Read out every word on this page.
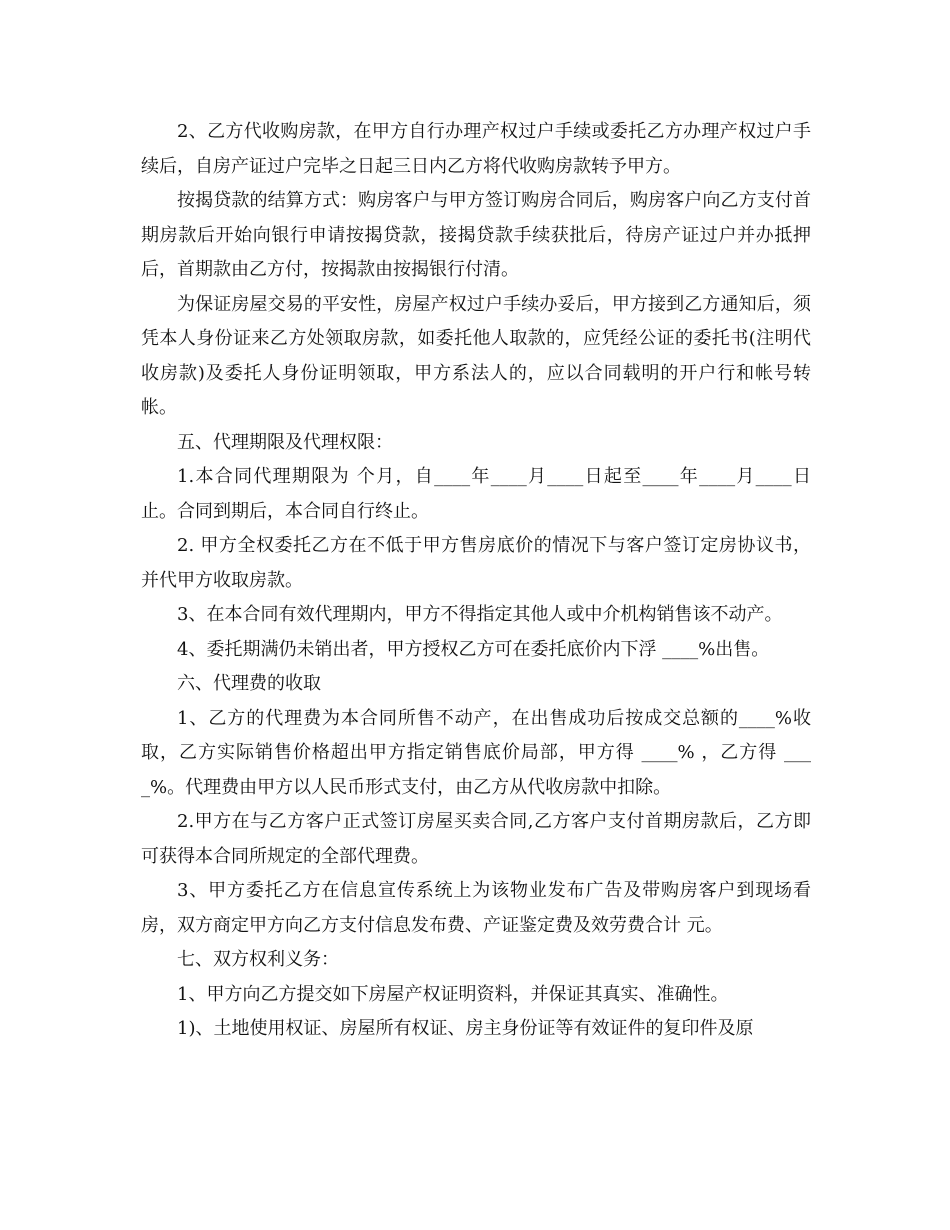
2、乙方代收购房款，在甲方自行办理产权过户手续或委托乙方办理产权过户手续后，自房产证过户完毕之日起三日内乙方将代收购房款转予甲方。

按揭贷款的结算方式：购房客户与甲方签订购房合同后，购房客户向乙方支付首期房款后开始向银行申请按揭贷款，接揭贷款手续获批后，待房产证过户并办抵押后，首期款由乙方付，按揭款由按揭银行付清。

为保证房屋交易的平安性，房屋产权过户手续办妥后，甲方接到乙方通知后，须凭本人身份证来乙方处领取房款，如委托他人取款的，应凭经公证的委托书(注明代收房款)及委托人身份证明领取，甲方系法人的，应以合同载明的开户行和帐号转帐。

五、代理期限及代理权限：

1.本合同代理期限为 个月，自____年____月____日起至____年____月____日止。合同到期后，本合同自行终止。

2. 甲方全权委托乙方在不低于甲方售房底价的情况下与客户签订定房协议书，并代甲方收取房款。

3、在本合同有效代理期内，甲方不得指定其他人或中介机构销售该不动产。

4、委托期满仍未销出者，甲方授权乙方可在委托底价内下浮 ____%出售。

六、代理费的收取

1、乙方的代理费为本合同所售不动产，在出售成功后按成交总额的____%收取，乙方实际销售价格超出甲方指定销售底价局部，甲方得 ____% ，乙方得 ____%。代理费由甲方以人民币形式支付，由乙方从代收房款中扣除。

2.甲方在与乙方客户正式签订房屋买卖合同,乙方客户支付首期房款后，乙方即可获得本合同所规定的全部代理费。

3、甲方委托乙方在信息宣传系统上为该物业发布广告及带购房客户到现场看房，双方商定甲方向乙方支付信息发布费、产证鉴定费及效劳费合计 元。

七、双方权利义务：

1、甲方向乙方提交如下房屋产权证明资料，并保证其真实、准确性。

1)、土地使用权证、房屋所有权证、房主身份证等有效证件的复印件及原
